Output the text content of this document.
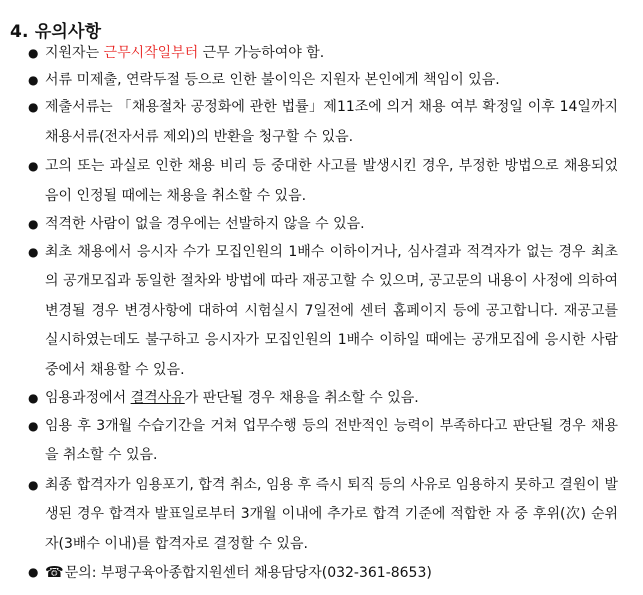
4. 유의사항
● 지원자는 근무시작일부터 근무 가능하여야 함.
● 서류 미제출, 연락두절 등으로 인한 불이익은 지원자 본인에게 책임이 있음.
● 제출서류는 「채용절차 공정화에 관한 법률」제11조에 의거 채용 여부 확정일 이후 14일까지 채용서류(전자서류 제외)의 반환을 청구할 수 있음.
● 고의 또는 과실로 인한 채용 비리 등 중대한 사고를 발생시킨 경우, 부정한 방법으로 채용되었음이 인정될 때에는 채용을 취소할 수 있음.
● 적격한 사람이 없을 경우에는 선발하지 않을 수 있음.
● 최초 채용에서 응시자 수가 모집인원의 1배수 이하이거나, 심사결과 적격자가 없는 경우 최초의 공개모집과 동일한 절차와 방법에 따라 재공고할 수 있으며, 공고문의 내용이 사정에 의하여 변경될 경우 변경사항에 대하여 시험실시 7일전에 센터 홈페이지 등에 공고합니다. 재공고를 실시하였는데도 불구하고 응시자가 모집인원의 1배수 이하일 때에는 공개모집에 응시한 사람 중에서 채용할 수 있음.
● 임용과정에서 결격사유가 판단될 경우 채용을 취소할 수 있음.
● 임용 후 3개월 수습기간을 거쳐 업무수행 등의 전반적인 능력이 부족하다고 판단될 경우 채용을 취소할 수 있음.
● 최종 합격자가 임용포기, 합격 취소, 임용 후 즉시 퇴직 등의 사유로 임용하지 못하고 결원이 발생된 경우 합격자 발표일로부터 3개월 이내에 추가로 합격 기준에 적합한 자 중 후위(次) 순위자(3배수 이내)를 합격자로 결정할 수 있음.
● ☎문의: 부평구육아종합지원센터 채용담당자(032-361-8653)
